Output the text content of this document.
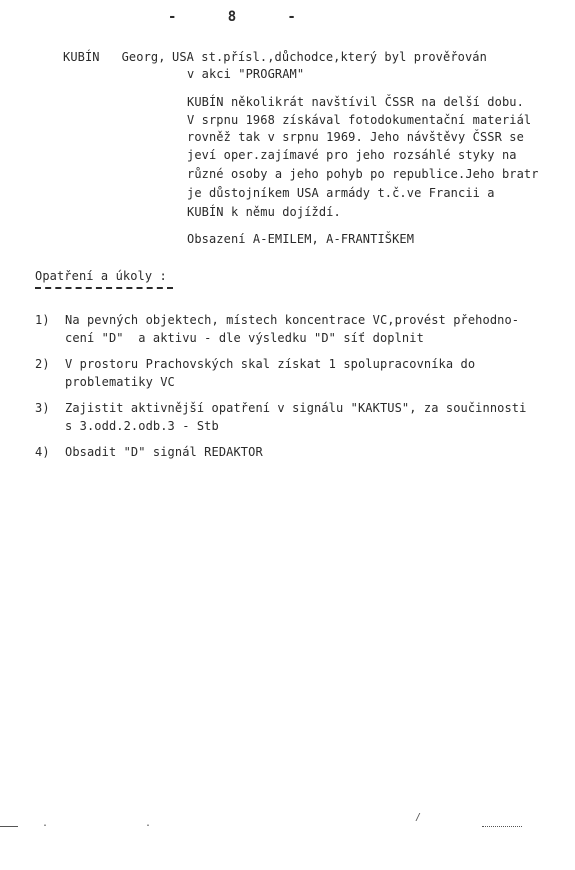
-      8      -
KUBÍN   Georg, USA st.přísl.,důchodce,který byl prověřován
v akci "PROGRAM"
KUBÍN několikrát navštívil ČSSR na delší dobu.
V srpnu 1968 získával fotodokumentační materiál
rovněž tak v srpnu 1969. Jeho návštěvy ČSSR se
jeví oper.zajímavé pro jeho rozsáhlé styky na
různé osoby a jeho pohyb po republice.Jeho bratr
je důstojníkem USA armády t.č.ve Francii a
KUBÍN k němu dojíždí.
Obsazení A-EMILEM, A-FRANTIŠKEM
Opatření a úkoly :
1) Na pevných objektech, místech koncentrace VC,provést přehodno-
cení "D"  a aktivu - dle výsledku "D" síť doplnit
2) V prostoru Prachovských skal získat 1 spolupracovníka do
problematiky VC
3) Zajistit aktivnější opatření v signálu "KAKTUS", za součinnosti
s 3.odd.2.odb.3 - Stb
4) Obsadit "D" signál REDAKTOR
.	.
/
